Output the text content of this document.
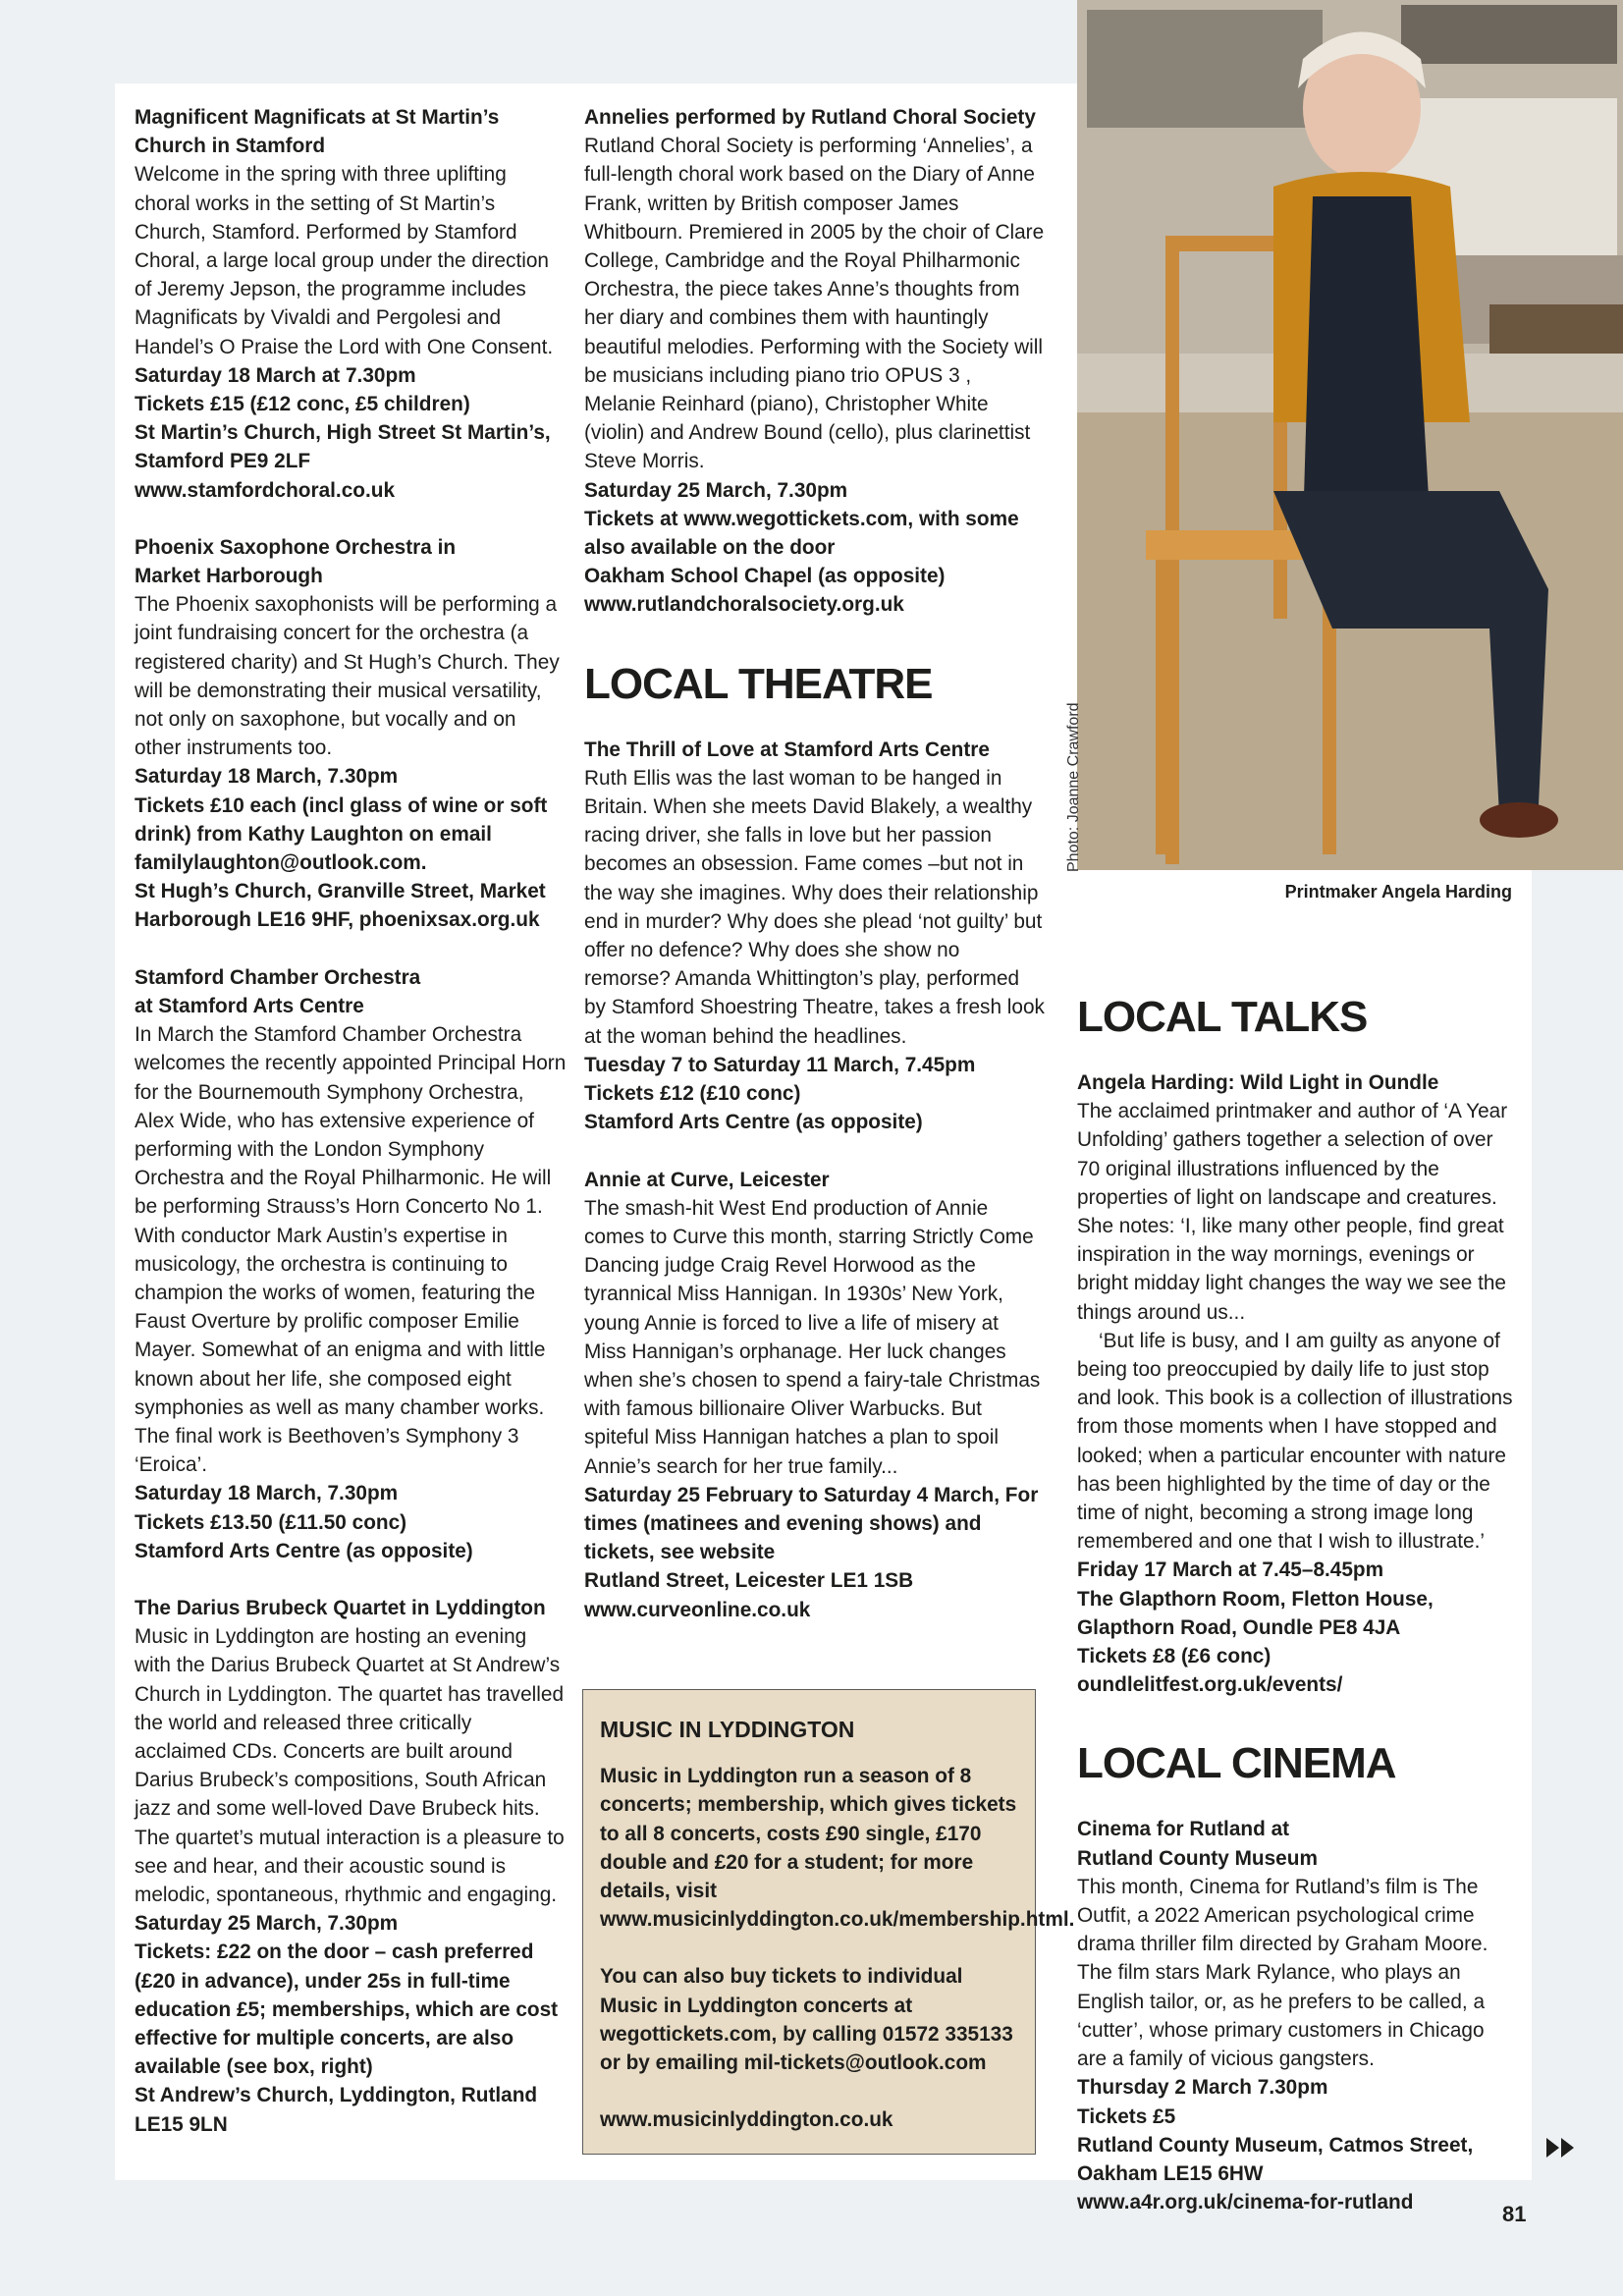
Magnificent Magnificats at St Martin’s
Church in Stamford

Welcome in the spring with three uplifting choral works in the setting of St Martin’s Church, Stamford. Performed by Stamford Choral, a large local group under the direction of Jeremy Jepson, the programme includes Magnificats by Vivaldi and Pergolesi and Handel’s O Praise the Lord with One Consent.

Saturday 18 March at 7.30pm

Tickets £15 (£12 conc, £5 children)

St Martin’s Church, High Street St Martin’s, Stamford PE9 2LF

www.stamfordchoral.co.uk

Phoenix Saxophone Orchestra in
Market Harborough

The Phoenix saxophonists will be performing a joint fundraising concert for the orchestra (a registered charity) and St Hugh’s Church. They will be demonstrating their musical versatility, not only on saxophone, but vocally and on other instruments too.

Saturday 18 March, 7.30pm

Tickets £10 each (incl glass of wine or soft drink) from Kathy Laughton on email familylaughton@outlook.com.

St Hugh’s Church, Granville Street, Market Harborough LE16 9HF, phoenixsax.org.uk

Stamford Chamber Orchestra
at Stamford Arts Centre

In March the Stamford Chamber Orchestra welcomes the recently appointed Principal Horn for the Bournemouth Symphony Orchestra, Alex Wide, who has extensive experience of performing with the London Symphony Orchestra and the Royal Philharmonic. He will be performing Strauss’s Horn Concerto No 1. With conductor Mark Austin’s expertise in musicology, the orchestra is continuing to champion the works of women, featuring the Faust Overture by prolific composer Emilie Mayer. Somewhat of an enigma and with little known about her life, she composed eight symphonies as well as many chamber works. The final work is Beethoven’s Symphony 3 ‘Eroica’.

Saturday 18 March, 7.30pm

Tickets £13.50 (£11.50 conc)

Stamford Arts Centre (as opposite)

The Darius Brubeck Quartet in Lyddington

Music in Lyddington are hosting an evening with the Darius Brubeck Quartet at St Andrew’s Church in Lyddington. The quartet has travelled the world and released three critically acclaimed CDs. Concerts are built around Darius Brubeck’s compositions, South African jazz and some well-loved Dave Brubeck hits. The quartet’s mutual interaction is a pleasure to see and hear, and their acoustic sound is melodic, spontaneous, rhythmic and engaging.

Saturday 25 March, 7.30pm

Tickets: £22 on the door – cash preferred (£20 in advance), under 25s in full-time education £5; memberships, which are cost effective for multiple concerts, are also available (see box, right)

St Andrew’s Church, Lyddington, Rutland LE15 9LN

Annelies performed by Rutland Choral Society

Rutland Choral Society is performing ‘Annelies’, a full-length choral work based on the Diary of Anne Frank, written by British composer James Whitbourn. Premiered in 2005 by the choir of Clare College, Cambridge and the Royal Philharmonic Orchestra, the piece takes Anne’s thoughts from her diary and combines them with hauntingly beautiful melodies. Performing with the Society will be musicians including piano trio OPUS 3 , Melanie Reinhard (piano), Christopher White (violin) and Andrew Bound (cello), plus clarinettist Steve Morris.

Saturday 25 March, 7.30pm

Tickets at www.wegottickets.com, with some also available on the door

Oakham School Chapel (as opposite)

www.rutlandchoralsociety.org.uk

LOCAL THEATRE

The Thrill of Love at Stamford Arts Centre

Ruth Ellis was the last woman to be hanged in Britain. When she meets David Blakely, a wealthy racing driver, she falls in love but her passion becomes an obsession. Fame comes –but not in the way she imagines. Why does their relationship end in murder? Why does she plead ‘not guilty’ but offer no defence? Why does she show no remorse? Amanda Whittington’s play, performed by Stamford Shoestring Theatre, takes a fresh look at the woman behind the headlines.

Tuesday 7 to Saturday 11 March, 7.45pm

Tickets £12 (£10 conc)

Stamford Arts Centre (as opposite)

Annie at Curve, Leicester

The smash-hit West End production of Annie comes to Curve this month, starring Strictly Come Dancing judge Craig Revel Horwood as the tyrannical Miss Hannigan. In 1930s’ New York, young Annie is forced to live a life of misery at Miss Hannigan’s orphanage. Her luck changes when she’s chosen to spend a fairy-tale Christmas with famous billionaire Oliver Warbucks. But spiteful Miss Hannigan hatches a plan to spoil Annie’s search for her true family...

Saturday 25 February to Saturday 4 March, For times (matinees and evening shows) and tickets, see website

Rutland Street, Leicester LE1 1SB

www.curveonline.co.uk

MUSIC IN LYDDINGTON

Music in Lyddington run a season of 8 concerts; membership, which gives tickets to all 8 concerts, costs £90 single, £170 double and £20 for a student; for more details, visit www.musicinlyddington.co.uk/membership.html.

You can also buy tickets to individual Music in Lyddington concerts at wegottickets.com, by calling 01572 335133 or by emailing mil-tickets@outlook.com

www.musicinlyddington.co.uk

Photo: Joanne Crawford
Printmaker Angela Harding
LOCAL TALKS

Angela Harding: Wild Light in Oundle

The acclaimed printmaker and author of ‘A Year Unfolding’ gathers together a selection of over 70 original illustrations influenced by the properties of light on landscape and creatures. She notes: ‘I, like many other people, find great inspiration in the way mornings, evenings or bright midday light changes the way we see the things around us...

‘But life is busy, and I am guilty as anyone of being too preoccupied by daily life to just stop and look. This book is a collection of illustrations from those moments when I have stopped and looked; when a particular encounter with nature has been highlighted by the time of day or the time of night, becoming a strong image long remembered and one that I wish to illustrate.’

Friday 17 March at 7.45–8.45pm

The Glapthorn Room, Fletton House, Glapthorn Road, Oundle PE8 4JA

Tickets £8 (£6 conc)

oundlelitfest.org.uk/events/

LOCAL CINEMA

Cinema for Rutland at
Rutland County Museum

This month, Cinema for Rutland’s film is The Outfit, a 2022 American psychological crime drama thriller film directed by Graham Moore. The film stars Mark Rylance, who plays an English tailor, or, as he prefers to be called, a ‘cutter’, whose primary customers in Chicago are a family of vicious gangsters.

Thursday 2 March 7.30pm

Tickets £5

Rutland County Museum, Catmos Street, Oakham LE15 6HW

www.a4r.org.uk/cinema-for-rutland	81
